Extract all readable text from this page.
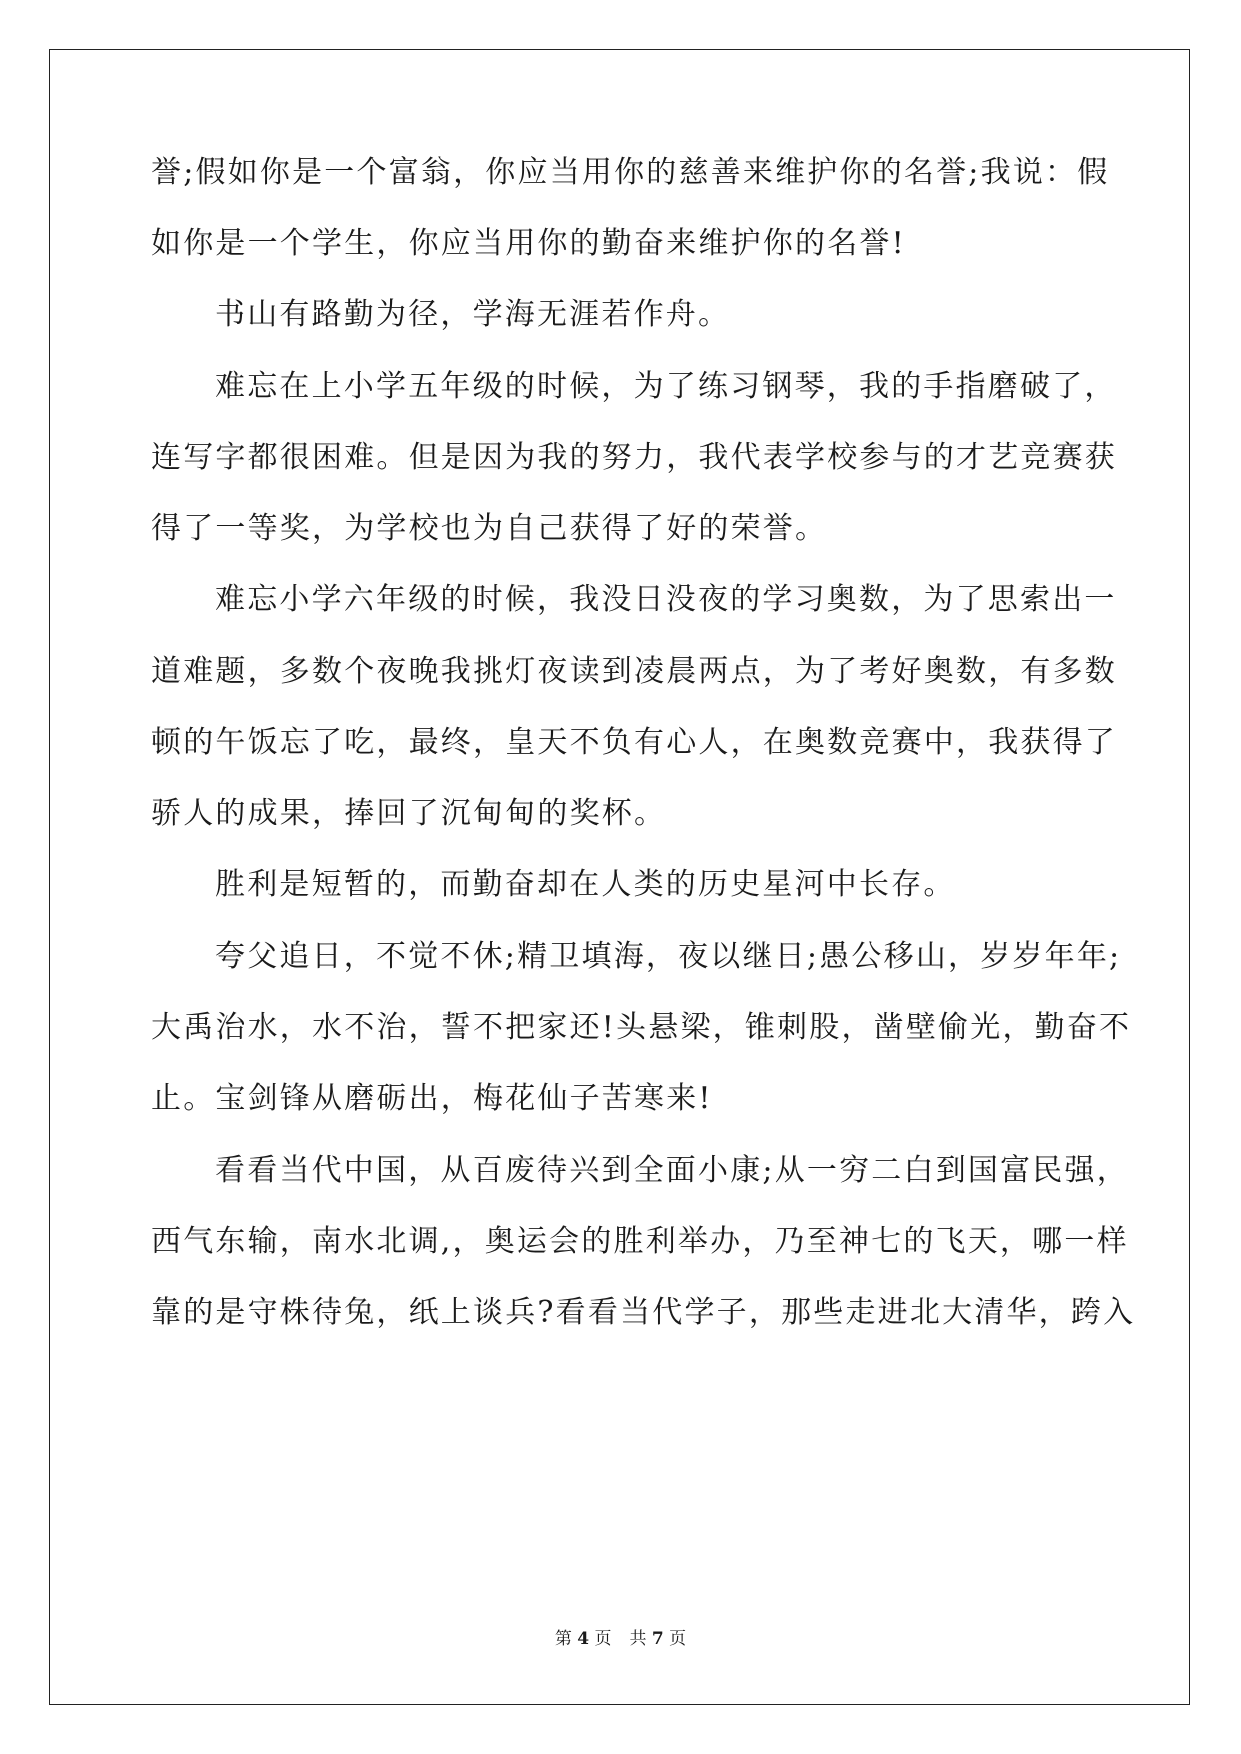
誉;假如你是一个富翁，你应当用你的慈善来维护你的名誉;我说：假
如你是一个学生，你应当用你的勤奋来维护你的名誉!
书山有路勤为径，学海无涯若作舟。
难忘在上小学五年级的时候，为了练习钢琴，我的手指磨破了，
连写字都很困难。但是因为我的努力，我代表学校参与的才艺竞赛获
得了一等奖，为学校也为自己获得了好的荣誉。
难忘小学六年级的时候，我没日没夜的学习奥数，为了思索出一
道难题，多数个夜晚我挑灯夜读到凌晨两点，为了考好奥数，有多数
顿的午饭忘了吃，最终，皇天不负有心人，在奥数竞赛中，我获得了
骄人的成果，捧回了沉甸甸的奖杯。
胜利是短暂的，而勤奋却在人类的历史星河中长存。
夸父追日，不觉不休;精卫填海，夜以继日;愚公移山，岁岁年年;
大禹治水，水不治，誓不把家还!头悬梁，锥刺股，凿壁偷光，勤奋不
止。宝剑锋从磨砺出，梅花仙子苦寒来!
看看当代中国，从百废待兴到全面小康;从一穷二白到国富民强，
西气东输，南水北调,，奥运会的胜利举办，乃至神七的飞天，哪一样
靠的是守株待兔，纸上谈兵?看看当代学子，那些走进北大清华，跨入
第 4 页 共 7 页
